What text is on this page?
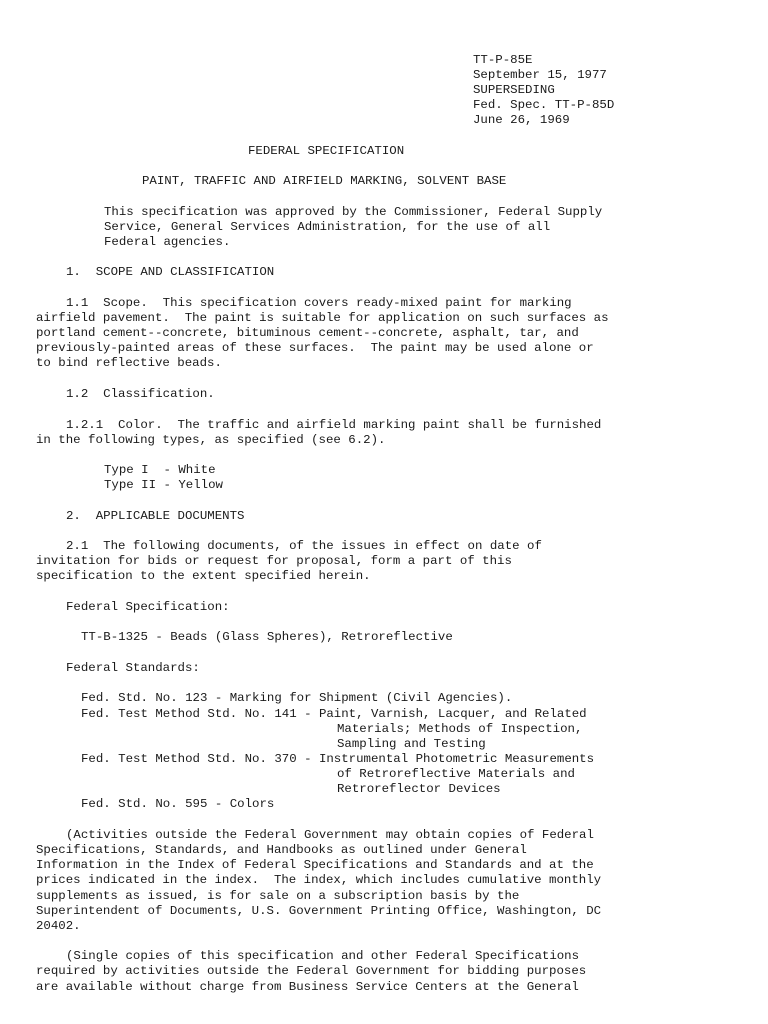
TT-P-85E

September 15, 1977

SUPERSEDING

Fed. Spec. TT-P-85D

June 26, 1969

FEDERAL SPECIFICATION

PAINT, TRAFFIC AND AIRFIELD MARKING, SOLVENT BASE

This specification was approved by the Commissioner, Federal Supply

Service, General Services Administration, for the use of all

Federal agencies.

1.  SCOPE AND CLASSIFICATION

1.1  Scope.  This specification covers ready-mixed paint for marking

airfield pavement.  The paint is suitable for application on such surfaces as

portland cement--concrete, bituminous cement--concrete, asphalt, tar, and

previously-painted areas of these surfaces.  The paint may be used alone or

to bind reflective beads.

1.2  Classification.

1.2.1  Color.  The traffic and airfield marking paint shall be furnished

in the following types, as specified (see 6.2).

Type I  - White

Type II - Yellow

2.  APPLICABLE DOCUMENTS

2.1  The following documents, of the issues in effect on date of

invitation for bids or request for proposal, form a part of this

specification to the extent specified herein.

Federal Specification:

TT-B-1325 - Beads (Glass Spheres), Retroreflective

Federal Standards:

Fed. Std. No. 123 - Marking for Shipment (Civil Agencies).

Fed. Test Method Std. No. 141 - Paint, Varnish, Lacquer, and Related

Materials; Methods of Inspection,

Sampling and Testing

Fed. Test Method Std. No. 370 - Instrumental Photometric Measurements

of Retroreflective Materials and

Retroreflector Devices

Fed. Std. No. 595 - Colors

(Activities outside the Federal Government may obtain copies of Federal

Specifications, Standards, and Handbooks as outlined under General

Information in the Index of Federal Specifications and Standards and at the

prices indicated in the index.  The index, which includes cumulative monthly

supplements as issued, is for sale on a subscription basis by the

Superintendent of Documents, U.S. Government Printing Office, Washington, DC

20402.

(Single copies of this specification and other Federal Specifications

required by activities outside the Federal Government for bidding purposes

are available without charge from Business Service Centers at the General
